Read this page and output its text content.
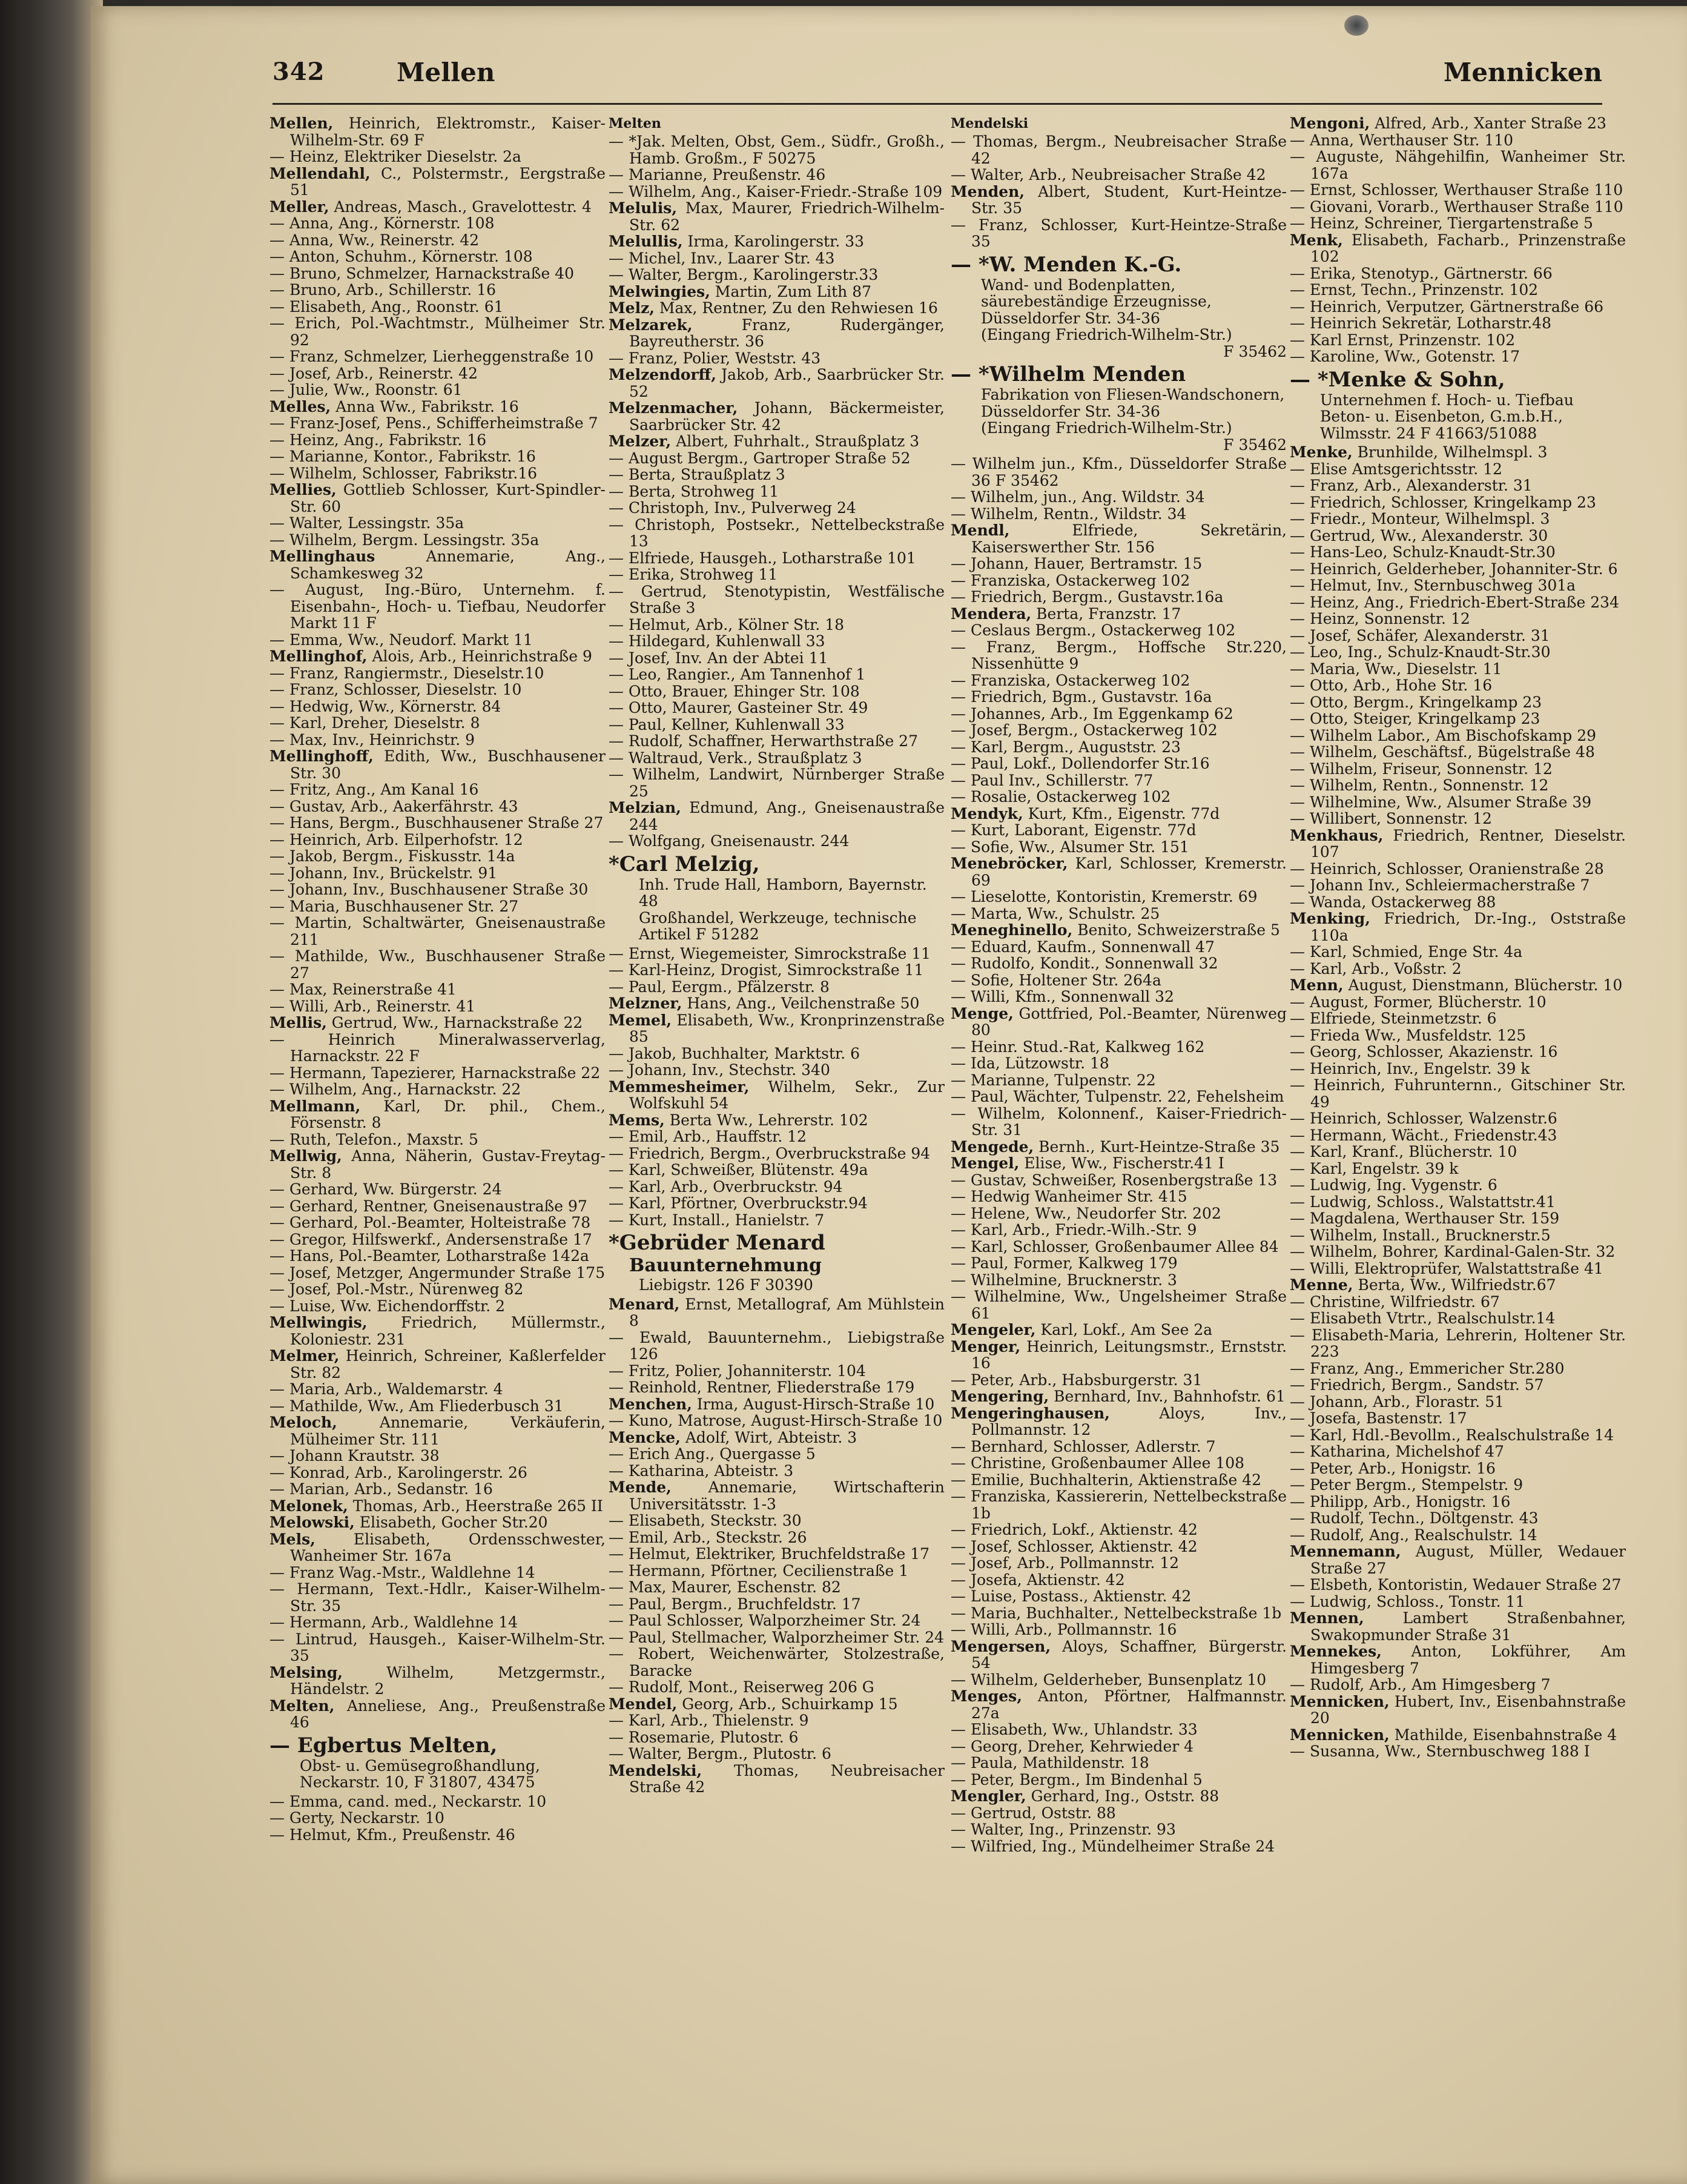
342	Mellen	Mennicken
Mellen, Heinrich, Elektromstr., Kaiser-Wilhelm-Str. 69 F
— Heinz, Elektriker Dieselstr. 2a
Mellendahl, C., Polstermstr., Eergstraße 51
Meller, Andreas, Masch., Gravelottestr. 4
— Anna, Ang., Körnerstr. 108
— Anna, Ww., Reinerstr. 42
— Anton, Schuhm., Körnerstr. 108
— Bruno, Schmelzer, Harnackstraße 40
— Bruno, Arb., Schillerstr. 16
— Elisabeth, Ang., Roonstr. 61
— Erich, Pol.-Wachtmstr., Mülheimer Str. 92
— Franz, Schmelzer, Lierheggenstraße 10
— Josef, Arb., Reinerstr. 42
— Julie, Ww., Roonstr. 61
Melles, Anna Ww., Fabrikstr. 16
— Franz-Josef, Pens., Schifferheimstraße 7
— Heinz, Ang., Fabrikstr. 16
— Marianne, Kontor., Fabrikstr. 16
— Wilhelm, Schlosser, Fabrikstr.16
Mellies, Gottlieb Schlosser, Kurt-Spindler-Str. 60
— Walter, Lessingstr. 35a
— Wilhelm, Bergm. Lessingstr. 35a
Mellinghaus Annemarie, Ang., Schamkesweg 32
— August, Ing.-Büro, Unternehm. f. Eisenbahn-, Hoch- u. Tiefbau, Neudorfer Markt 11 F
— Emma, Ww., Neudorf. Markt 11
Mellinghof, Alois, Arb., Heinrichstraße 9
— Franz, Rangiermstr., Dieselstr.10
— Franz, Schlosser, Dieselstr. 10
— Hedwig, Ww., Körnerstr. 84
— Karl, Dreher, Dieselstr. 8
— Max, Inv., Heinrichstr. 9
Mellinghoff, Edith, Ww., Buschhausener Str. 30
— Fritz, Ang., Am Kanal 16
— Gustav, Arb., Aakerfährstr. 43
— Hans, Bergm., Buschhausener Straße 27
— Heinrich, Arb. Eilperhofstr. 12
— Jakob, Bergm., Fiskusstr. 14a
— Johann, Inv., Brückelstr. 91
— Johann, Inv., Buschhausener Straße 30
— Maria, Buschhausener Str. 27
— Martin, Schaltwärter, Gneisenaustraße 211
— Mathilde, Ww., Buschhausener Straße 27
— Max, Reinerstraße 41
— Willi, Arb., Reinerstr. 41
Mellis, Gertrud, Ww., Harnackstraße 22
— Heinrich Mineralwasserverlag, Harnackstr. 22 F
— Hermann, Tapezierer, Harnackstraße 22
— Wilhelm, Ang., Harnackstr. 22
Mellmann, Karl, Dr. phil., Chem., Försenstr. 8
— Ruth, Telefon., Maxstr. 5
Mellwig, Anna, Näherin, Gustav-Freytag-Str. 8
— Gerhard, Ww. Bürgerstr. 24
— Gerhard, Rentner, Gneisenaustraße 97
— Gerhard, Pol.-Beamter, Holteistraße 78
— Gregor, Hilfswerkf., Andersenstraße 17
— Hans, Pol.-Beamter, Lotharstraße 142a
— Josef, Metzger, Angermunder Straße 175
— Josef, Pol.-Mstr., Nürenweg 82
— Luise, Ww. Eichendorffstr. 2
Mellwingis, Friedrich, Müllermstr., Koloniestr. 231
Melmer, Heinrich, Schreiner, Kaßlerfelder Str. 82
— Maria, Arb., Waldemarstr. 4
— Mathilde, Ww., Am Fliederbusch 31
Meloch, Annemarie, Verkäuferin, Mülheimer Str. 111
— Johann Krautstr. 38
— Konrad, Arb., Karolingerstr. 26
— Marian, Arb., Sedanstr. 16
Melonek, Thomas, Arb., Heerstraße 265 II
Melowski, Elisabeth, Gocher Str.20
Mels, Elisabeth, Ordensschwester, Wanheimer Str. 167a
— Franz Wag.-Mstr., Waldlehne 14
— Hermann, Text.-Hdlr., Kaiser-Wilhelm-Str. 35
— Hermann, Arb., Waldlehne 14
— Lintrud, Hausgeh., Kaiser-Wilhelm-Str. 35
Melsing, Wilhelm, Metzgermstr., Händelstr. 2
Melten, Anneliese, Ang., Preußenstraße 46
— Egbertus Melten,
Obst- u. Gemüsegroßhandlung, Neckarstr. 10, F 31807, 43475
— Emma, cand. med., Neckarstr. 10
— Gerty, Neckarstr. 10
— Helmut, Kfm., Preußenstr. 46
Melten
— *Jak. Melten, Obst, Gem., Südfr., Großh., Hamb. Großm., F 50275
— Marianne, Preußenstr. 46
— Wilhelm, Ang., Kaiser-Friedr.-Straße 109
Melulis, Max, Maurer, Friedrich-Wilhelm-Str. 62
Melullis, Irma, Karolingerstr. 33
— Michel, Inv., Laarer Str. 43
— Walter, Bergm., Karolingerstr.33
Melwingies, Martin, Zum Lith 87
Melz, Max, Rentner, Zu den Rehwiesen 16
Melzarek, Franz, Rudergänger, Bayreutherstr. 36
— Franz, Polier, Weststr. 43
Melzendorff, Jakob, Arb., Saarbrücker Str. 52
Melzenmacher, Johann, Bäckermeister, Saarbrücker Str. 42
Melzer, Albert, Fuhrhalt., Straußplatz 3
— August Bergm., Gartroper Straße 52
— Berta, Straußplatz 3
— Berta, Strohweg 11
— Christoph, Inv., Pulverweg 24
— Christoph, Postsekr., Nettelbeckstraße 13
— Elfriede, Hausgeh., Lotharstraße 101
— Erika, Strohweg 11
— Gertrud, Stenotypistin, Westfälische Straße 3
— Helmut, Arb., Kölner Str. 18
— Hildegard, Kuhlenwall 33
— Josef, Inv. An der Abtei 11
— Leo, Rangier., Am Tannenhof 1
— Otto, Brauer, Ehinger Str. 108
— Otto, Maurer, Gasteiner Str. 49
— Paul, Kellner, Kuhlenwall 33
— Rudolf, Schaffner, Herwarthstraße 27
— Waltraud, Verk., Straußplatz 3
— Wilhelm, Landwirt, Nürnberger Straße 25
Melzian, Edmund, Ang., Gneisenaustraße 244
— Wolfgang, Gneisenaustr. 244
*Carl Melzig,
Inh. Trude Hall, Hamborn, Bayernstr. 48
Großhandel, Werkzeuge, technische Artikel F 51282
— Ernst, Wiegemeister, Simrockstraße 11
— Karl-Heinz, Drogist, Simrockstraße 11
— Paul, Eergm., Pfälzerstr. 8
Melzner, Hans, Ang., Veilchenstraße 50
Memel, Elisabeth, Ww., Kronprinzenstraße 85
— Jakob, Buchhalter, Marktstr. 6
— Johann, Inv., Stechstr. 340
Memmesheimer, Wilhelm, Sekr., Zur Wolfskuhl 54
Mems, Berta Ww., Lehrerstr. 102
— Emil, Arb., Hauffstr. 12
— Friedrich, Bergm., Overbruckstraße 94
— Karl, Schweißer, Blütenstr. 49a
— Karl, Arb., Overbruckstr. 94
— Karl, Pförtner, Overbruckstr.94
— Kurt, Install., Hanielstr. 7
*Gebrüder Menard
Bauunternehmung
Liebigstr. 126 F 30390
Menard, Ernst, Metallograf, Am Mühlstein 8
— Ewald, Bauunternehm., Liebigstraße 126
— Fritz, Polier, Johanniterstr. 104
— Reinhold, Rentner, Fliederstraße 179
Menchen, Irma, August-Hirsch-Straße 10
— Kuno, Matrose, August-Hirsch-Straße 10
Mencke, Adolf, Wirt, Abteistr. 3
— Erich Ang., Quergasse 5
— Katharina, Abteistr. 3
Mende, Annemarie, Wirtschafterin Universitätsstr. 1-3
— Elisabeth, Steckstr. 30
— Emil, Arb., Steckstr. 26
— Helmut, Elektriker, Bruchfeldstraße 17
— Hermann, Pförtner, Cecilienstraße 1
— Max, Maurer, Eschenstr. 82
— Paul, Bergm., Bruchfeldstr. 17
— Paul Schlosser, Walporzheimer Str. 24
— Paul, Stellmacher, Walporzheimer Str. 24
— Robert, Weichenwärter, Stolzestraße, Baracke
— Rudolf, Mont., Reiserweg 206 G
Mendel, Georg, Arb., Schuirkamp 15
— Karl, Arb., Thielenstr. 9
— Rosemarie, Plutostr. 6
— Walter, Bergm., Plutostr. 6
Mendelski, Thomas, Neubreisacher Straße 42
Mendelski
— Thomas, Bergm., Neubreisacher Straße 42
— Walter, Arb., Neubreisacher Straße 42
Menden, Albert, Student, Kurt-Heintze-Str. 35
— Franz, Schlosser, Kurt-Heintze-Straße 35
— *W. Menden K.-G.
Wand- und Bodenplatten, säurebeständige Erzeugnisse, Düsseldorfer Str. 34-36
(Eingang Friedrich-Wilhelm-Str.)
F 35462
— *Wilhelm Menden
Fabrikation von Fliesen-Wandschonern, Düsseldorfer Str. 34-36
(Eingang Friedrich-Wilhelm-Str.)
F 35462
— Wilhelm jun., Kfm., Düsseldorfer Straße 36 F 35462
— Wilhelm, jun., Ang. Wildstr. 34
— Wilhelm, Rentn., Wildstr. 34
Mendl, Elfriede, Sekretärin, Kaiserswerther Str. 156
— Johann, Hauer, Bertramstr. 15
— Franziska, Ostackerweg 102
— Friedrich, Bergm., Gustavstr.16a
Mendera, Berta, Franzstr. 17
— Ceslaus Bergm., Ostackerweg 102
— Franz, Bergm., Hoffsche Str.220, Nissenhütte 9
— Franziska, Ostackerweg 102
— Friedrich, Bgm., Gustavstr. 16a
— Johannes, Arb., Im Eggenkamp 62
— Josef, Bergm., Ostackerweg 102
— Karl, Bergm., Auguststr. 23
— Paul, Lokf., Dollendorfer Str.16
— Paul Inv., Schillerstr. 77
— Rosalie, Ostackerweg 102
Mendyk, Kurt, Kfm., Eigenstr. 77d
— Kurt, Laborant, Eigenstr. 77d
— Sofie, Ww., Alsumer Str. 151
Menebröcker, Karl, Schlosser, Kremerstr. 69
— Lieselotte, Kontoristin, Kremerstr. 69
— Marta, Ww., Schulstr. 25
Meneghinello, Benito, Schweizerstraße 5
— Eduard, Kaufm., Sonnenwall 47
— Rudolfo, Kondit., Sonnenwall 32
— Sofie, Holtener Str. 264a
— Willi, Kfm., Sonnenwall 32
Menge, Gottfried, Pol.-Beamter, Nürenweg 80
— Heinr. Stud.-Rat, Kalkweg 162
— Ida, Lützowstr. 18
— Marianne, Tulpenstr. 22
— Paul, Wächter, Tulpenstr. 22, Fehelsheim
— Wilhelm, Kolonnenf., Kaiser-Friedrich-Str. 31
Mengede, Bernh., Kurt-Heintze-Straße 35
Mengel, Elise, Ww., Fischerstr.41 I
— Gustav, Schweißer, Rosenbergstraße 13
— Hedwig Wanheimer Str. 415
— Helene, Ww., Neudorfer Str. 202
— Karl, Arb., Friedr.-Wilh.-Str. 9
— Karl, Schlosser, Großenbaumer Allee 84
— Paul, Former, Kalkweg 179
— Wilhelmine, Brucknerstr. 3
— Wilhelmine, Ww., Ungelsheimer Straße 61
Mengeler, Karl, Lokf., Am See 2a
Menger, Heinrich, Leitungsmstr., Ernststr. 16
— Peter, Arb., Habsburgerstr. 31
Mengering, Bernhard, Inv., Bahnhofstr. 61
Mengeringhausen, Aloys, Inv., Pollmannstr. 12
— Bernhard, Schlosser, Adlerstr. 7
— Christine, Großenbaumer Allee 108
— Emilie, Buchhalterin, Aktienstraße 42
— Franziska, Kassiererin, Nettelbeckstraße 1b
— Friedrich, Lokf., Aktienstr. 42
— Josef, Schlosser, Aktienstr. 42
— Josef, Arb., Pollmannstr. 12
— Josefa, Aktienstr. 42
— Luise, Postass., Aktienstr. 42
— Maria, Buchhalter., Nettelbeckstraße 1b
— Willi, Arb., Pollmannstr. 16
Mengersen, Aloys, Schaffner, Bürgerstr. 54
— Wilhelm, Gelderheber, Bunsenplatz 10
Menges, Anton, Pförtner, Halfmannstr. 27a
— Elisabeth, Ww., Uhlandstr. 33
— Georg, Dreher, Kehrwieder 4
— Paula, Mathildenstr. 18
— Peter, Bergm., Im Bindenhal 5
Mengler, Gerhard, Ing., Oststr. 88
— Gertrud, Oststr. 88
— Walter, Ing., Prinzenstr. 93
— Wilfried, Ing., Mündelheimer Straße 24
Mengoni, Alfred, Arb., Xanter Straße 23
— Anna, Werthauser Str. 110
— Auguste, Nähgehilfin, Wanheimer Str. 167a
— Ernst, Schlosser, Werthauser Straße 110
— Giovani, Vorarb., Werthauser Straße 110
— Heinz, Schreiner, Tiergartenstraße 5
Menk, Elisabeth, Facharb., Prinzenstraße 102
— Erika, Stenotyp., Gärtnerstr. 66
— Ernst, Techn., Prinzenstr. 102
— Heinrich, Verputzer, Gärtnerstraße 66
— Heinrich Sekretär, Lotharstr.48
— Karl Ernst, Prinzenstr. 102
— Karoline, Ww., Gotenstr. 17
— *Menke & Sohn,
Unternehmen f. Hoch- u. Tiefbau Beton- u. Eisenbeton, G.m.b.H., Wilmsstr. 24 F 41663/51088
Menke, Brunhilde, Wilhelmspl. 3
— Elise Amtsgerichtsstr. 12
— Franz, Arb., Alexanderstr. 31
— Friedrich, Schlosser, Kringelkamp 23
— Friedr., Monteur, Wilhelmspl. 3
— Gertrud, Ww., Alexanderstr. 30
— Hans-Leo, Schulz-Knaudt-Str.30
— Heinrich, Gelderheber, Johanniter-Str. 6
— Helmut, Inv., Sternbuschweg 301a
— Heinz, Ang., Friedrich-Ebert-Straße 234
— Heinz, Sonnenstr. 12
— Josef, Schäfer, Alexanderstr. 31
— Leo, Ing., Schulz-Knaudt-Str.30
— Maria, Ww., Dieselstr. 11
— Otto, Arb., Hohe Str. 16
— Otto, Bergm., Kringelkamp 23
— Otto, Steiger, Kringelkamp 23
— Wilhelm Labor., Am Bischofskamp 29
— Wilhelm, Geschäftsf., Bügelstraße 48
— Wilhelm, Friseur, Sonnenstr. 12
— Wilhelm, Rentn., Sonnenstr. 12
— Wilhelmine, Ww., Alsumer Straße 39
— Willibert, Sonnenstr. 12
Menkhaus, Friedrich, Rentner, Dieselstr. 107
— Heinrich, Schlosser, Oranienstraße 28
— Johann Inv., Schleiermacherstraße 7
— Wanda, Ostackerweg 88
Menking, Friedrich, Dr.-Ing., Oststraße 110a
— Karl, Schmied, Enge Str. 4a
— Karl, Arb., Voßstr. 2
Menn, August, Dienstmann, Blücherstr. 10
— August, Former, Blücherstr. 10
— Elfriede, Steinmetzstr. 6
— Frieda Ww., Musfeldstr. 125
— Georg, Schlosser, Akazienstr. 16
— Heinrich, Inv., Engelstr. 39 k
— Heinrich, Fuhrunternn., Gitschiner Str. 49
— Heinrich, Schlosser, Walzenstr.6
— Hermann, Wächt., Friedenstr.43
— Karl, Kranf., Blücherstr. 10
— Karl, Engelstr. 39 k
— Ludwig, Ing. Vygenstr. 6
— Ludwig, Schloss., Walstattstr.41
— Magdalena, Werthauser Str. 159
— Wilhelm, Install., Brucknerstr.5
— Wilhelm, Bohrer, Kardinal-Galen-Str. 32
— Willi, Elektroprüfer, Walstattstraße 41
Menne, Berta, Ww., Wilfriedstr.67
— Christine, Wilfriedstr. 67
— Elisabeth Vtrtr., Realschulstr.14
— Elisabeth-Maria, Lehrerin, Holtener Str. 223
— Franz, Ang., Emmericher Str.280
— Friedrich, Bergm., Sandstr. 57
— Johann, Arb., Florastr. 51
— Josefa, Bastenstr. 17
— Karl, Hdl.-Bevollm., Realschulstraße 14
— Katharina, Michelshof 47
— Peter, Arb., Honigstr. 16
— Peter Bergm., Stempelstr. 9
— Philipp, Arb., Honigstr. 16
— Rudolf, Techn., Döltgenstr. 43
— Rudolf, Ang., Realschulstr. 14
Mennemann, August, Müller, Wedauer Straße 27
— Elsbeth, Kontoristin, Wedauer Straße 27
— Ludwig, Schloss., Tonstr. 11
Mennen, Lambert Straßenbahner, Swakopmunder Straße 31
Mennekes, Anton, Lokführer, Am Himgesberg 7
— Rudolf, Arb., Am Himgesberg 7
Mennicken, Hubert, Inv., Eisenbahnstraße 20
Mennicken, Mathilde, Eisenbahnstraße 4
— Susanna, Ww., Sternbuschweg 188 I
